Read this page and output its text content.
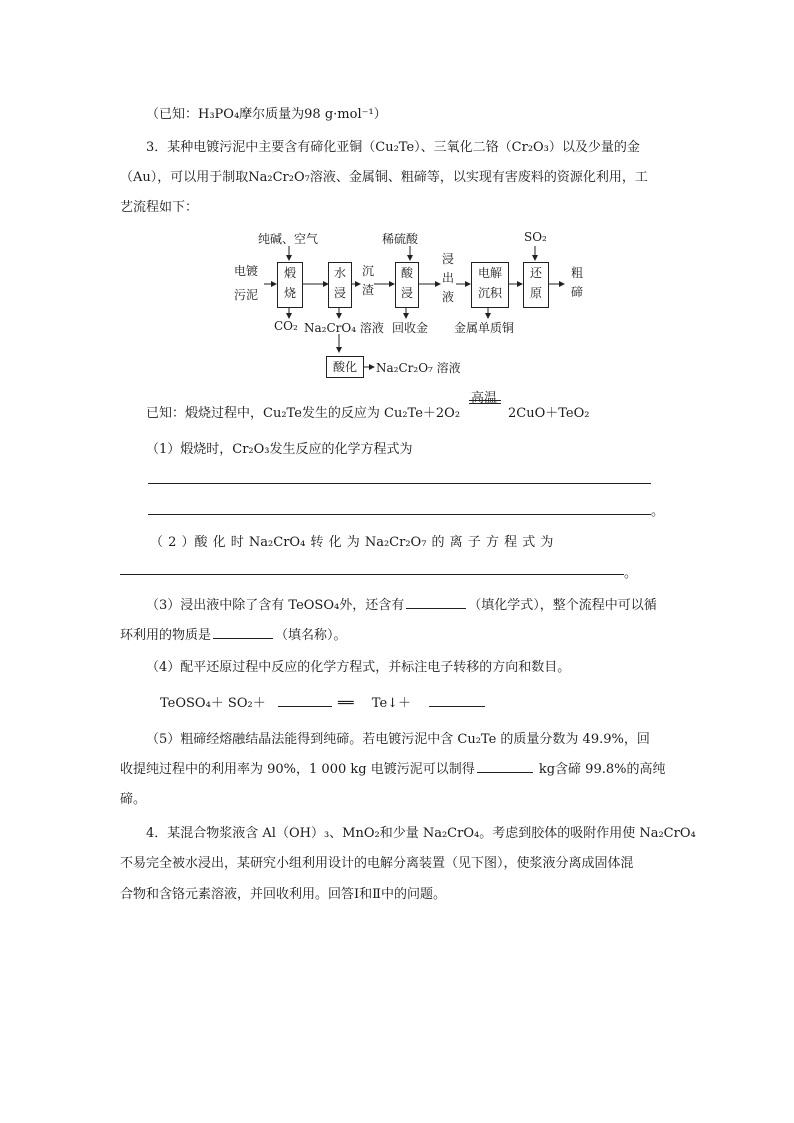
（已知：H₃PO₄摩尔质量为98 g·mol⁻¹）
3．某种电镀污泥中主要含有碲化亚铜（Cu₂Te）、三氧化二铬（Cr₂O₃）以及少量的金
（Au），可以用于制取Na₂Cr₂O₇溶液、金属铜、粗碲等，以实现有害废料的资源化利用，工
艺流程如下：
纯碱、空气	稀硫酸	SO₂
电镀
污泥
煅
烧
水
浸
沉
渣
酸
浸
浸
出
液
电解
沉积
还
原
粗
碲
CO₂ Na₂CrO₄ 溶液 回收金 金属单质铜
酸化	Na₂Cr₂O₇ 溶液
已知：煅烧过程中，Cu₂Te发生的反应为 Cu₂Te＋2O₂
高温
2CuO＋TeO₂
（1）煅烧时，Cr₂O₃发生反应的化学方程式为
。
（ 2 ）酸 化 时 Na₂CrO₄ 转 化 为 Na₂Cr₂O₇ 的 离 子 方 程 式 为
。
（3）浸出液中除了含有 TeOSO₄外，还含有	（填化学式），整个流程中可以循
环利用的物质是	（填名称）。
（4）配平还原过程中反应的化学方程式，并标注电子转移的方向和数目。
TeOSO₄＋ SO₂＋	══ Te↓＋
（5）粗碲经熔融结晶法能得到纯碲。若电镀污泥中含 Cu₂Te 的质量分数为 49.9%，回
收提纯过程中的利用率为 90%，1 000 kg 电镀污泥可以制得	kg含碲 99.8%的高纯
碲。
4．某混合物浆液含 Al（OH）₃、MnO₂和少量 Na₂CrO₄。考虑到胶体的吸附作用使 Na₂CrO₄
不易完全被水浸出，某研究小组利用设计的电解分离装置（见下图），使浆液分离成固体混
合物和含铬元素溶液，并回收利用。回答Ⅰ和Ⅱ中的问题。
